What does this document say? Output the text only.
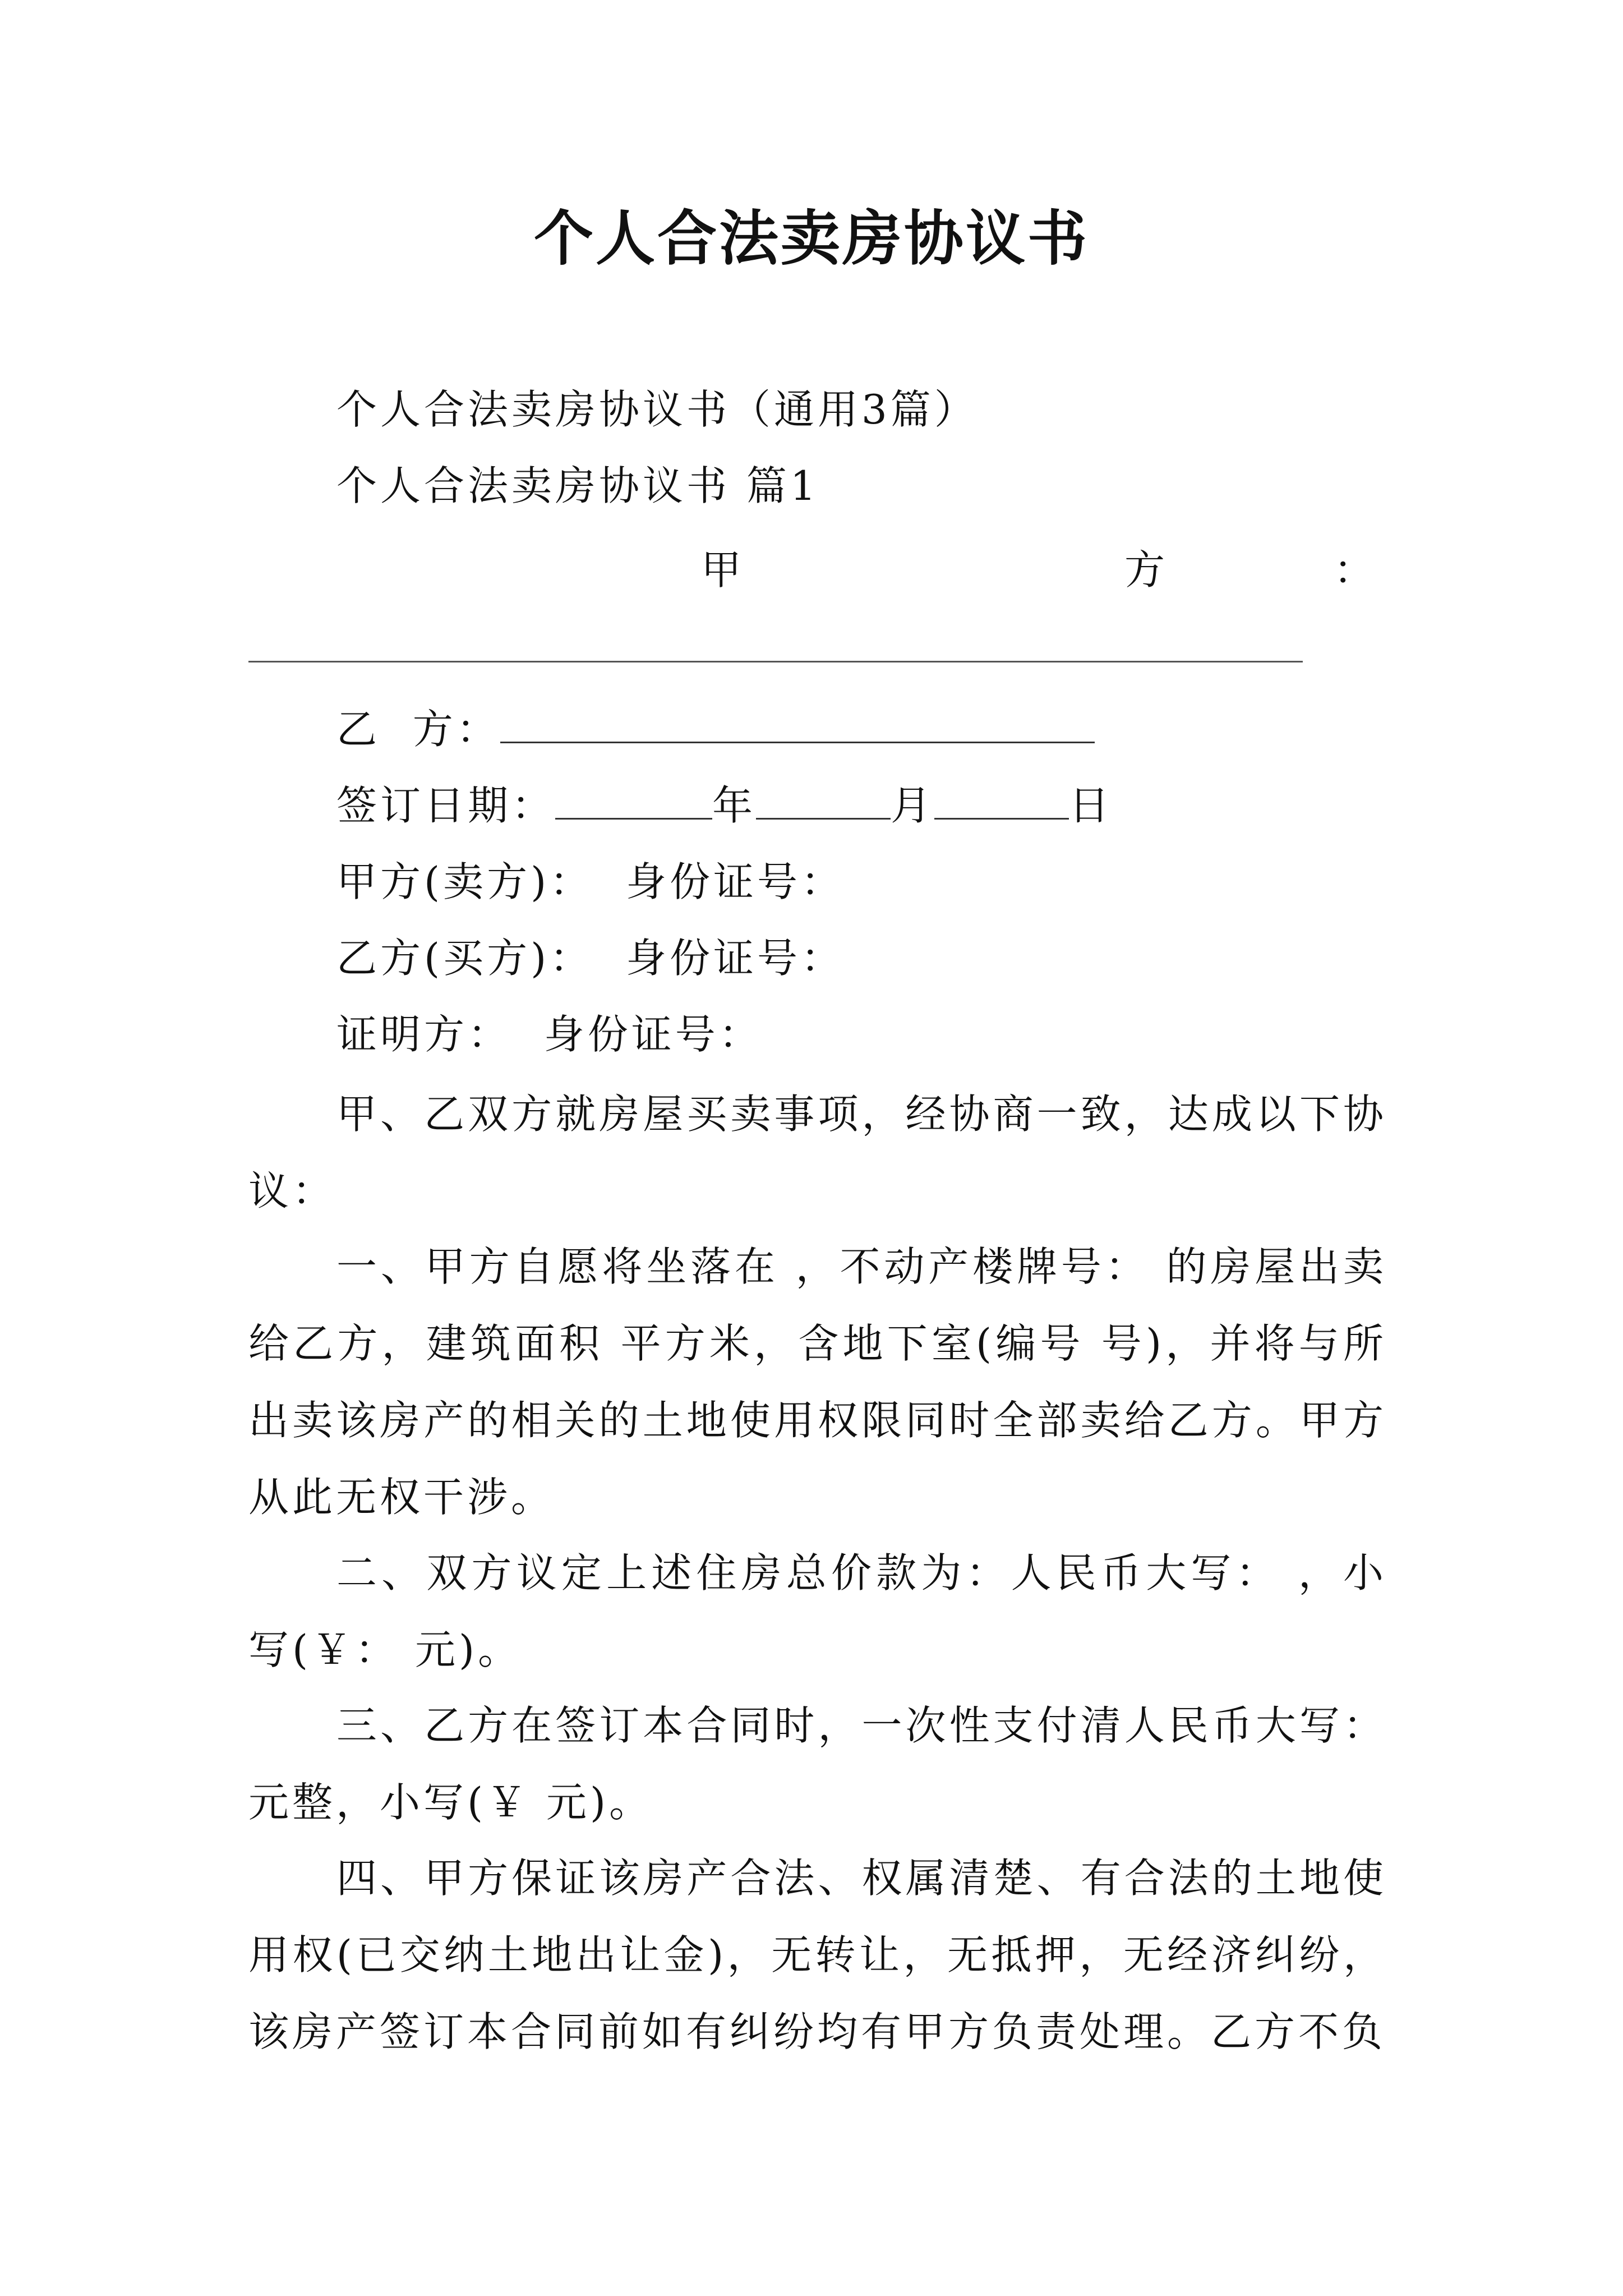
个人合法卖房协议书
个人合法卖房协议书（通用3篇）
个人合法卖房协议书 篇1
甲	方	：
乙  方：
签订日期：	年	月	日
甲方(卖方)：  身份证号：
乙方(买方)：  身份证号：
证明方：  身份证号：
甲、乙双方就房屋买卖事项，经协商一致，达成以下协议：
一、甲方自愿将坐落在 ，不动产楼牌号： 的房屋出卖给乙方，建筑面积 平方米，含地下室(编号 号)，并将与所出卖该房产的相关的土地使用权限同时全部卖给乙方。甲方从此无权干涉。
二、双方议定上述住房总价款为：人民币大写： ，小写(￥： 元)。
三、乙方在签订本合同时，一次性支付清人民币大写：元整，小写(￥ 元)。
四、甲方保证该房产合法、权属清楚、有合法的土地使用权(已交纳土地出让金)，无转让，无抵押，无经济纠纷，该房产签订本合同前如有纠纷均有甲方负责处理。乙方不负
